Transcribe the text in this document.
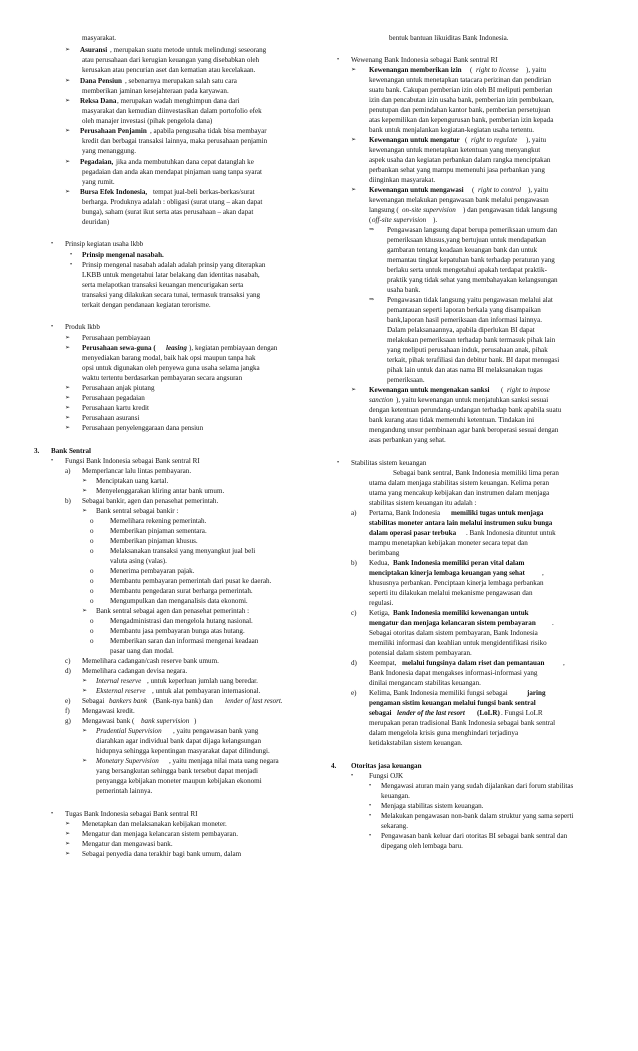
masyarakat.
➢ Asuransi , merupakan suatu metode untuk melindungi seseorang
atau perusahaan dari kerugian keuangan yang disebabkan oleh
kerusakan atau pencurian aset dan kematian atau kecelakaan.
➢ Dana Pensiun , sebenarnya merupakan salah satu cara
memberikan jaminan kesejahteraan pada karyawan.
➢ Reksa Dana , merupakan wadah menghimpun dana dari
masyarakat dan kemudian diinvestasikan dalam portofolio efek
oleh manajer investasi (pihak pengelola dana)
➢ Perusahaan Penjamin , apabila pengusaha tidak bisa membayar
kredit dan berbagai transaksi lainnya, maka perusahaan penjamin
yang menanggung.
➢ Pegadaian, jika anda membutuhkan dana cepat datanglah ke
pegadaian dan anda akan mendapat pinjaman uang tanpa syarat
yang rumit.
➢ Bursa Efek Indonesia, tempat jual-beli berkas-berkas/surat
berharga. Produknya adalah : obligasi (surat utang – akan dapat
bunga), saham (surat ikut serta atas perusahaan – akan dapat
deuridan)
• Prinsip kegiatan usaha lkbb
• Prinsip mengenal nasabah.
• Prinsip mengenal nasabah adalah adalah prinsip yang diterapkan
LKBB untuk mengetahui latar belakang dan identitas nasabah,
serta melapotkan transaksi keuangan mencurigakan serta
transaksi yang dilakukan secara tunai, termasuk transaksi yang
terkait dengan pendanaan kegiatan terorisme.
• Produk lkbb
➢ Perusahaan pembiayaan
➢ Perusahaan sewa-guna ( leasing ), kegiatan pembiayaan dengan
menyediakan barang modal, baik hak opsi maupun tanpa hak
opsi untuk digunakan oleh penyewa guna usaha selama jangka
waktu tertentu berdasarkan pembayaran secara angsuran
➢ Perusahaan anjak piutang
➢ Perusahaan pegadaian
➢ Perusahaan kartu kredit
➢ Perusahaan asuransi
➢ Perusahaan penyelenggaraan dana pensiun
3. Bank Sentral
• Fungsi Bank Indonesia sebagai Bank sentral RI
a) Memperlancar lalu lintas pembayaran.
➢ Menciptakan uang kartal.
➢ Menyelenggarakan kliring antar bank umum.
b) Sebagai bankir, agen dan penasehat pemerintah.
➢ Bank sentral sebagai bankir :
o Memelihara rekening pemerintah.
o Memberikan pinjaman sementara.
o Memberikan pinjaman khusus.
o Melaksanakan transaksi yang menyangkut jual beli
valuta asing (valas).
o Menerima pembayaran pajak.
o Membantu pembayaran pemerintah dari pusat ke daerah.
o Membantu pengedaran surat berharga pemerintah.
o Mengumpulkan dan menganalisis data ekonomi.
➢ Bank sentral sebagai agen dan penasehat pemerintah :
o Mengadministrasi dan mengelola hutang nasional.
o Membantu jasa pembayaran bunga atas hutang.
o Memberikan saran dan informasi mengenai keadaan
pasar uang dan modal.
c) Memelihara cadangan/cash reserve bank umum.
d) Memelihara cadangan devisa negara.
➢ Internal reserve , untuk keperluan jumlah uang beredar.
➢ Eksternal reserve , untuk alat pembayaran internasional.
e) Sebagai bankers bank (Bank-nya bank) dan lender of last resort.
f) Mengawasi kredit.
g) Mengawasi bank ( bank supervision )
➢ Prudential Supervision , yaitu pengawasan bank yang
diarahkan agar individual bank dapat dijaga kelangsungan
hidupnya sehingga kepentingan masyarakat dapat dilindungi.
➢ Monetary Supervision , yaitu menjaga nilai mata uang negara
yang bersangkutan sehingga bank tersebut dapat menjadi
penyangga kebijakan moneter maupun kebijakan ekonomi
pemerintah lainnya.
• Tugas Bank Indonesia sebagai Bank sentral RI
➢ Menetapkan dan melaksanakan kebijakan moneter.
➢ Mengatur dan menjaga kelancaran sistem pembayaran.
➢ Mengatur dan mengawasi bank.
➢ Sebagai penyedia dana terakhir bagi bank umum, dalam
bentuk bantuan likuiditas Bank Indonesia.
• Wewenang Bank Indonesia sebagai Bank sentral RI
➢ Kewenangan memberikan izin ( right to license ), yaitu
kewenangan untuk menetapkan tatacara perizinan dan pendirian
suatu bank. Cakupan pemberian izin oleh BI meliputi pemberian
izin dan pencabutan izin usaha bank, pemberian izin pembukaan,
penutupan dan pemindahan kantor bank, pemberian persetujuan
atas kepemilikan dan kepengurusan bank, pemberian izin kepada
bank untuk menjalankan kegiatan-kegiatan usaha tertentu.
➢ Kewenangan untuk mengatur ( right to regulate ), yaitu
kewenangan untuk menetapkan ketentuan yang menyangkut
aspek usaha dan kegiatan perbankan dalam rangka menciptakan
perbankan sehat yang mampu memenuhi jasa perbankan yang
diinginkan masyarakat.
➢ Kewenangan untuk mengawasi ( right to control ), yaitu
kewenangan melakukan pengawasan bank melalui pengawasan
langsung ( on-site supervision ) dan pengawasan tidak langsung
( off-site supervision ).
⇒ Pengawasan langsung dapat berupa pemeriksaan umum dan
pemeriksaan khusus,yang bertujuan untuk mendapatkan
gambaran tentang keadaan keuangan bank dan untuk
memantau tingkat kepatuhan bank terhadap peraturan yang
berlaku serta untuk mengetahui apakah terdapat praktik-
praktik yang tidak sehat yang membahayakan kelangsungan
usaha bank.
⇒ Pengawasan tidak langsung yaitu pengawasan melalui alat
pemantauan seperti laporan berkala yang disampaikan
bank,laporan hasil pemeriksaan dan informasi lainnya.
Dalam pelaksanaannya, apabila diperlukan BI dapat
melakukan pemeriksaan terhadap bank termasuk pihak lain
yang meliputi perusahaan induk, perusahaan anak, pihak
terkait, pihak terafiliasi dan debitur bank. BI dapat menugasi
pihak lain untuk dan atas nama BI melaksanakan tugas
pemeriksaan.
➢ Kewenangan untuk mengenakan sanksi ( right to impose
sanction ), yaitu kewenangan untuk menjatuhkan sanksi sesuai
dengan ketentuan perundang-undangan terhadap bank apabila suatu
bank kurang atau tidak memenuhi ketentuan. Tindakan ini
mengandung unsur pembinaan agar bank beroperasi sesuai dengan
asas perbankan yang sehat.
• Stabilitas sistem keuangan
Sebagai bank sentral, Bank Indonesia memiliki lima peran
utama dalam menjaga stabilitas sistem keuangan. Kelima peran
utama yang mencakup kebijakan dan instrumen dalam menjaga
stabilitas sistem keuangan itu adalah :
a) Pertama, Bank Indonesia memiliki tugas untuk menjaga
stabilitas moneter antara lain melalui instrumen suku bunga
dalam operasi pasar terbuka . Bank Indonesia dituntut untuk
mampu menetapkan kebijakan moneter secara tepat dan
berimbang
b) Kedua, Bank Indonesia memiliki peran vital dalam
menciptakan kinerja lembaga keuangan yang sehat ,
khususnya perbankan. Penciptaan kinerja lembaga perbankan
seperti itu dilakukan melalui mekanisme pengawasan dan
regulasi.
c) Ketiga, Bank Indonesia memiliki kewenangan untuk
mengatur dan menjaga kelancaran sistem pembayaran .
Sebagai otoritas dalam sistem pembayaran, Bank Indonesia
memiliki informasi dan keahlian untuk mengidentifikasi risiko
potensial dalam sistem pembayaran.
d) Keempat, melalui fungsinya dalam riset dan pemantauan	,
Bank Indonesia dapat mengakses informasi-informasi yang
dinilai mengancam stabilitas keuangan.
e) Kelima, Bank Indonesia memiliki fungsi sebagai	jaring
pengaman sistim keuangan melalui fungsi bank sentral
sebagai lender of the last resort (LoLR) . Fungsi LoLR
merupakan peran tradisional Bank Indonesia sebagai bank sentral
dalam mengelola krisis guna menghindari terjadinya
ketidakstabilan sistem keuangan.
4. Otoritas jasa keuangan
• Fungsi OJK
• Mengawasi aturan main yang sudah dijalankan dari forum stabilitas
keuangan.
• Menjaga stabilitas sistem keuangan.
• Melakukan pengawasan non-bank dalam struktur yang sama seperti
sekarang.
• Pengawasan bank keluar dari otoritas BI sebagai bank sentral dan
dipegang oleh lembaga baru.
